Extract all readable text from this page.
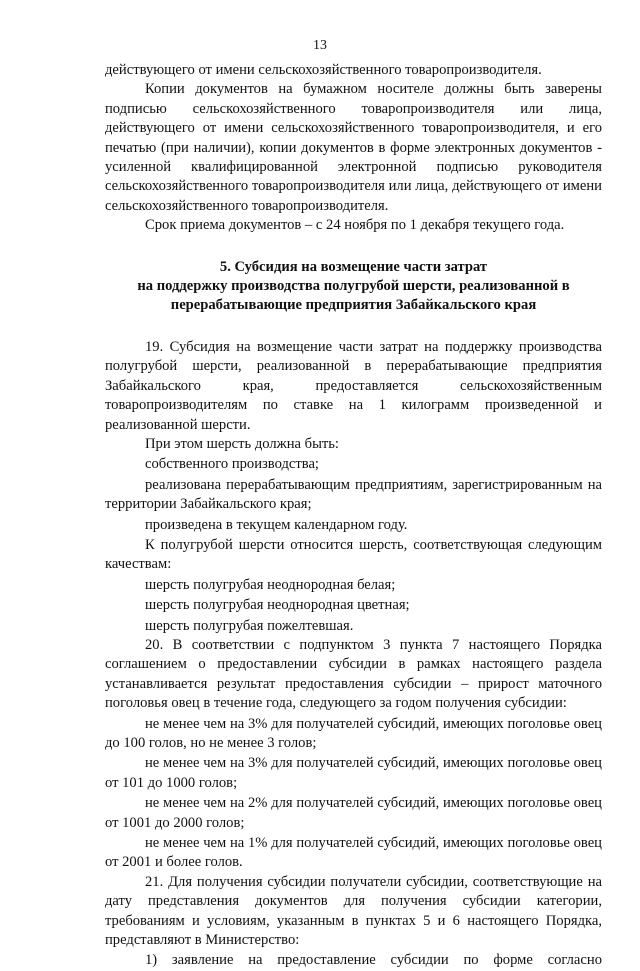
13

действующего от имени сельскохозяйственного товаропроизводителя.

Копии документов на бумажном носителе должны быть заверены подписью сельскохозяйственного товаропроизводителя или лица, действующего от имени сельскохозяйственного товаропроизводителя, и его печатью (при наличии), копии документов в форме электронных документов - усиленной квалифицированной электронной подписью руководителя сельскохозяйственного товаропроизводителя или лица, действующего от имени сельскохозяйственного товаропроизводителя.

Срок приема документов – с 24 ноября по 1 декабря текущего года.

5. Субсидия на возмещение части затрат

на поддержку производства полугрубой шерсти, реализованной в

перерабатывающие предприятия Забайкальского края

19. Субсидия на возмещение части затрат на поддержку производства полугрубой шерсти, реализованной в перерабатывающие предприятия Забайкальского края, предоставляется сельскохозяйственным товаропроизводителям по ставке на 1 килограмм произведенной и реализованной шерсти.

При этом шерсть должна быть:

собственного производства;

реализована перерабатывающим предприятиям, зарегистрированным на территории Забайкальского края;

произведена в текущем календарном году.

К полугрубой шерсти относится шерсть, соответствующая следующим качествам:

шерсть полугрубая неоднородная белая;

шерсть полугрубая неоднородная цветная;

шерсть полугрубая пожелтевшая.

20. В соответствии с подпунктом 3 пункта 7 настоящего Порядка соглашением о предоставлении субсидии в рамках настоящего раздела устанавливается результат предоставления субсидии – прирост маточного поголовья овец в течение года, следующего за годом получения субсидии:

не менее чем на 3% для получателей субсидий, имеющих поголовье овец до 100 голов, но не менее 3 голов;

не менее чем на 3% для получателей субсидий, имеющих поголовье овец от 101 до 1000 голов;

не менее чем на 2% для получателей субсидий, имеющих поголовье овец от 1001 до 2000 голов;

не менее чем на 1% для получателей субсидий, имеющих поголовье овец от 2001 и более голов.

21. Для получения субсидии получатели субсидии, соответствующие на дату представления документов для получения субсидии категории, требованиям и условиям, указанным в пунктах 5 и 6 настоящего Порядка, представляют в Министерство:

1) заявление на предоставление субсидии по форме согласно
